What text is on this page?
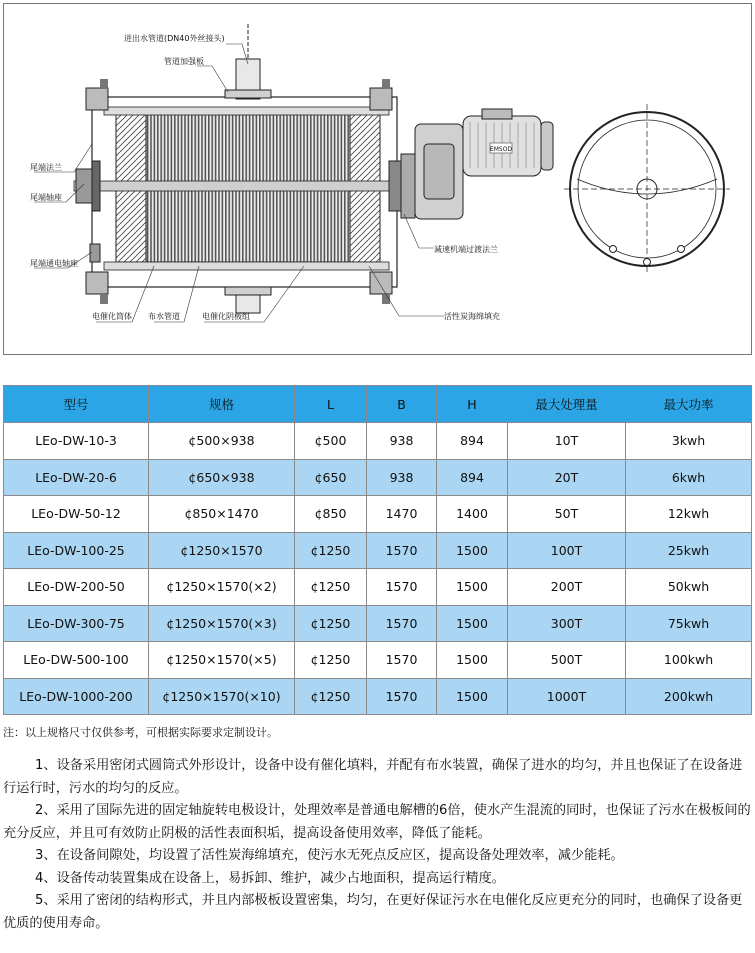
EMSOD
进出水管道(DN40外丝接头)
管道加强板
尾端法兰
尾端轴座
尾端通电轴座
电催化筒体 布水管道	电催化阴极组
减速机端过渡法兰
活性炭海绵填充
型号	规格	L	B	H	最大处理量	最大功率
LEo-DW-10-3	¢500×938	¢500	938	894	10T	3kwh
LEo-DW-20-6	¢650×938	¢650	938	894	20T	6kwh
LEo-DW-50-12	¢850×1470	¢850	1470	1400	50T	12kwh
LEo-DW-100-25	¢1250×1570	¢1250	1570	1500	100T	25kwh
LEo-DW-200-50	¢1250×1570(×2)	¢1250	1570	1500	200T	50kwh
LEo-DW-300-75	¢1250×1570(×3)	¢1250	1570	1500	300T	75kwh
LEo-DW-500-100	¢1250×1570(×5)	¢1250	1570	1500	500T	100kwh
LEo-DW-1000-200	¢1250×1570(×10)	¢1250	1570	1500	1000T	200kwh
注：以上规格尺寸仅供参考，可根据实际要求定制设计。

1、设备采用密闭式圆筒式外形设计，设备中设有催化填料，并配有布水装置，确保了进水的均匀，并且也保证了在设备进行运行时，污水的均匀的反应。

2、采用了国际先进的固定轴旋转电极设计，处理效率是普通电解槽的6倍，使水产生混流的同时，也保证了污水在极板间的充分反应，并且可有效防止阴极的活性表面积垢，提高设备使用效率，降低了能耗。

3、在设备间隙处，均设置了活性炭海绵填充，使污水无死点反应区，提高设备处理效率，减少能耗。

4、设备传动装置集成在设备上，易拆卸、维护，减少占地面积，提高运行精度。

5、采用了密闭的结构形式，并且内部极板设置密集，均匀，在更好保证污水在电催化反应更充分的同时，也确保了设备更优质的使用寿命。
